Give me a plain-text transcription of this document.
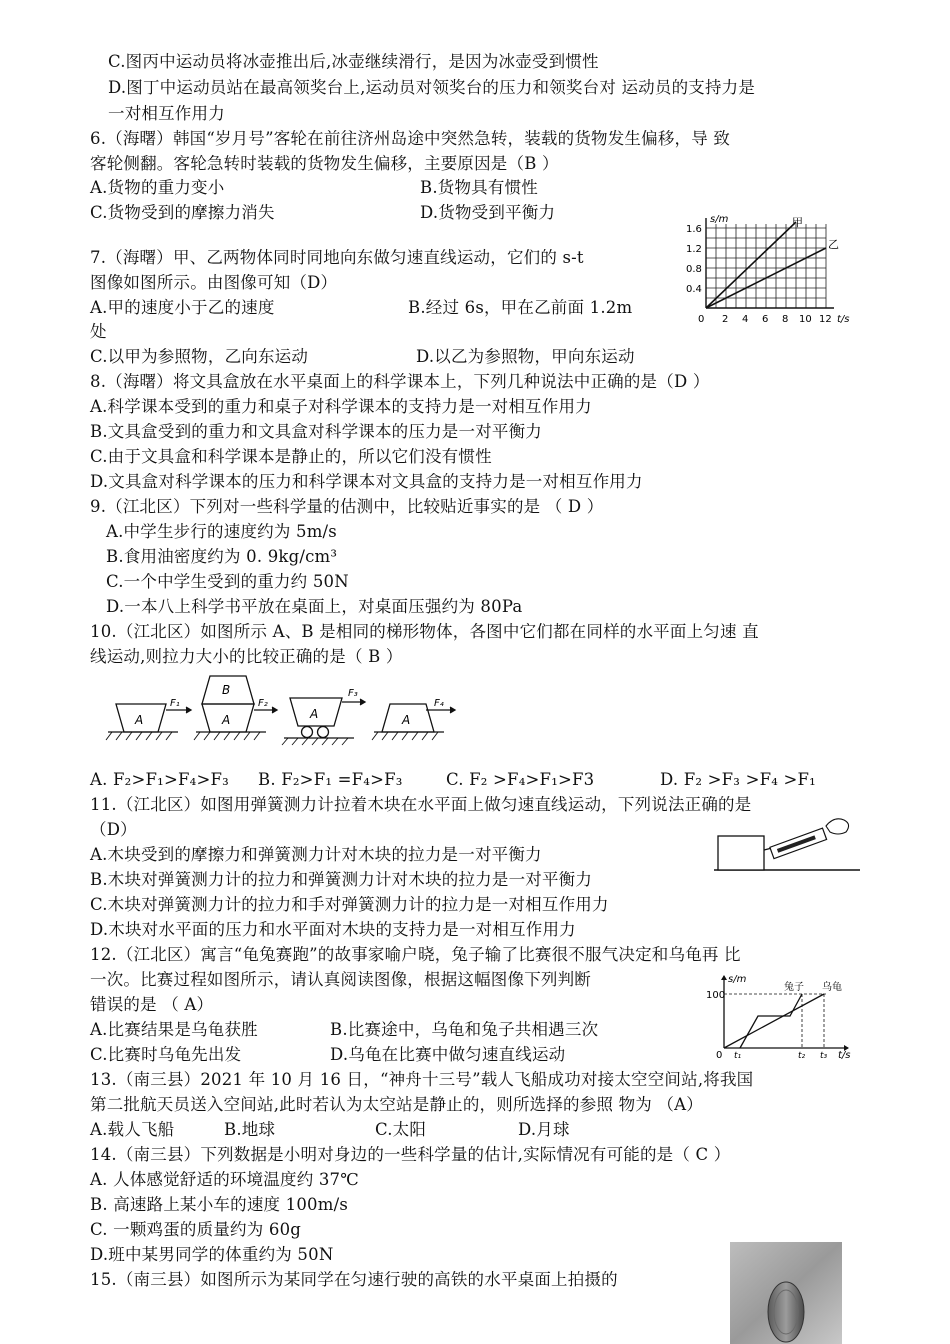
C.图丙中运动员将冰壶推出后,冰壶继续滑行，是因为冰壶受到惯性
D.图丁中运动员站在最高领奖台上,运动员对领奖台的压力和领奖台对 运动员的支持力是
一对相互作用力
6.（海曙）韩国“岁月号”客轮在前往济州岛途中突然急转，装载的货物发生偏移，导 致
客轮侧翻。客轮急转时装载的货物发生偏移，主要原因是（B ）
A.货物的重力变小	B.货物具有惯性
C.货物受到的摩擦力消失	D.货物受到平衡力
7.（海曙）甲、乙两物体同时同地向东做匀速直线运动，它们的 s-t
图像如图所示。由图像可知（D）
A.甲的速度小于乙的速度	B.经过 6s，甲在乙前面 1.2m
处
C.以甲为参照物，乙向东运动	D.以乙为参照物，甲向东运动
8.（海曙）将文具盒放在水平桌面上的科学课本上，下列几种说法中正确的是（D ）
A.科学课本受到的重力和桌子对科学课本的支持力是一对相互作用力
B.文具盒受到的重力和文具盒对科学课本的压力是一对平衡力
C.由于文具盒和科学课本是静止的，所以它们没有惯性
D.文具盒对科学课本的压力和科学课本对文具盒的支持力是一对相互作用力
9.（江北区）下列对一些科学量的估测中，比较贴近事实的是 （ D ）
A.中学生步行的速度约为 5m/s
B.食用油密度约为 0. 9kg/cm³
C.一个中学生受到的重力约 50N
D.一本八上科学书平放在桌面上，对桌面压强约为 80Pa
10.（江北区）如图所示 A、B 是相同的梯形物体，各图中它们都在同样的水平面上匀速 直
线运动,则拉力大小的比较正确的是（ B ）
A. F₂>F₁>F₄>F₃ B. F₂>F₁ =F₄>F₃	C. F₂ >F₄>F₁>F3	D. F₂ >F₃ >F₄ >F₁
11.（江北区）如图用弹簧测力计拉着木块在水平面上做匀速直线运动，下列说法正确的是
（D）
A.木块受到的摩擦力和弹簧测力计对木块的拉力是一对平衡力
B.木块对弹簧测力计的拉力和弹簧测力计对木块的拉力是一对平衡力
C.木块对弹簧测力计的拉力和手对弹簧测力计的拉力是一对相互作用力
D.木块对水平面的压力和水平面对木块的支持力是一对相互作用力
12.（江北区）寓言“龟兔赛跑”的故事家喻户晓，兔子输了比赛很不服气决定和乌龟再 比
一次。比赛过程如图所示，请认真阅读图像，根据这幅图像下列判断
错误的是 （ A）
A.比赛结果是乌龟获胜	B.比赛途中，乌龟和兔子共相遇三次
C.比赛时乌龟先出发	D.乌龟在比赛中做匀速直线运动
13.（南三县）2021 年 10 月 16 日，“神舟十三号”载人飞船成功对接太空空间站,将我国
第二批航天员送入空间站,此时若认为太空站是静止的，则所选择的参照 物为 （A）
A.载人飞船	B.地球	C.太阳	D.月球
14.（南三县）下列数据是小明对身边的一些科学量的估计,实际情况有可能的是（ C ）
A. 人体感觉舒适的环境温度约 37℃
B. 高速路上某小车的速度 100m/s
C. 一颗鸡蛋的质量约为 60g
D.班中某男同学的体重约为 50N
15.（南三县）如图所示为某同学在匀速行驶的高铁的水平桌面上拍摄的
s/m	甲
乙
1.6
1.2
0.8
0.4
0 2 4 6 8 10 12 t/s
A
F₁
B
A
F₂
A
F₃
A
F₄
s/m
100
兔子 乌龟
0 t₁	t₂ t₃ t/s
